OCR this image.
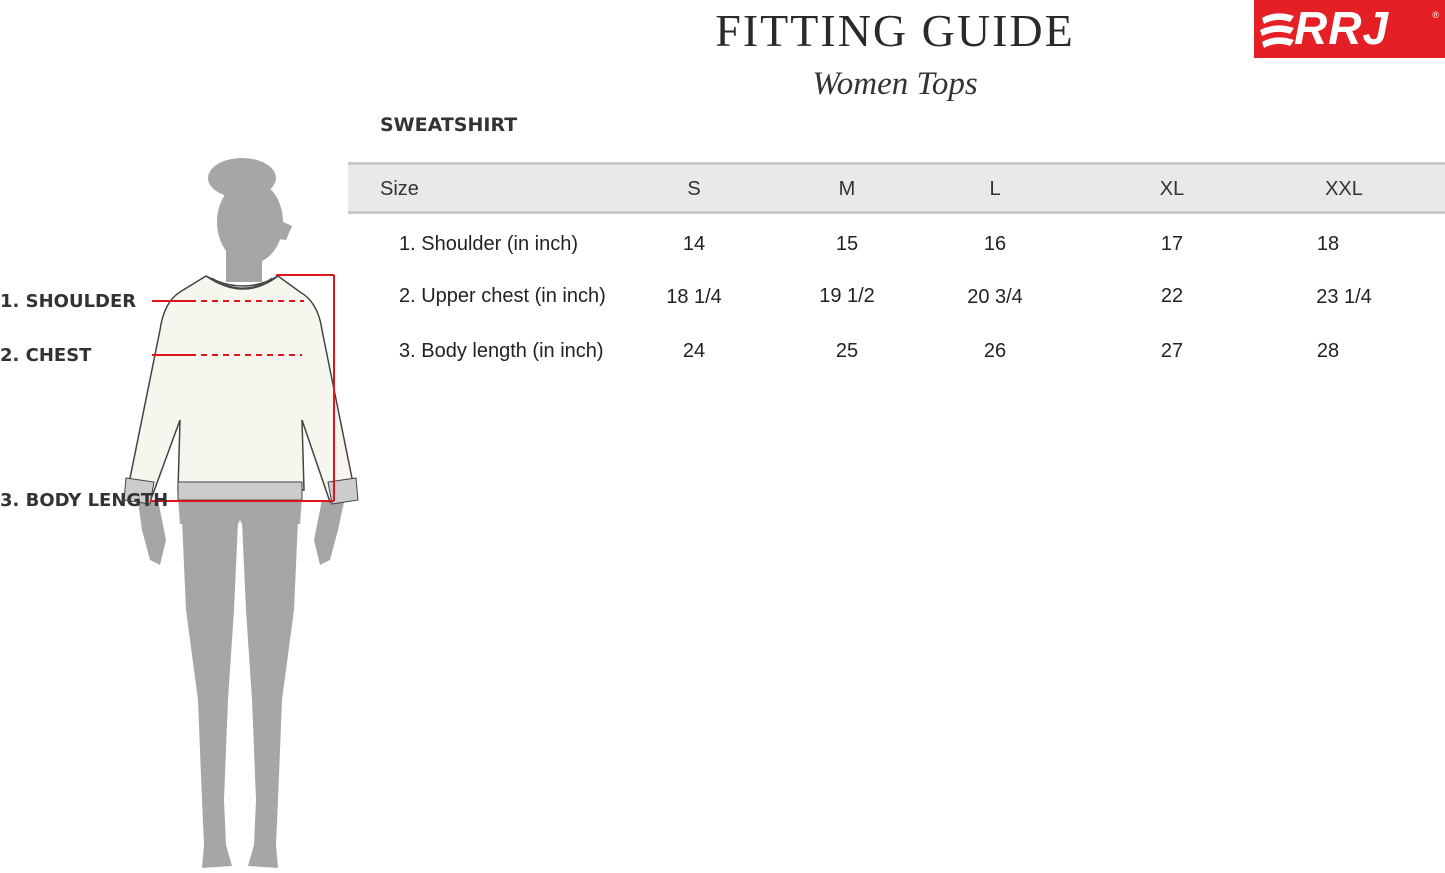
FITTING GUIDE
Women Tops
RRJ	®
SWEATSHIRT
Size	S	M	L	XL	XXL
1. Shoulder (in inch)	14	15	16	17	18
2. Upper chest (in inch)	18 1/4	19 1/2	20 3/4	22	23 1/4
3. Body length (in inch)	24	25	26	27	28
1. SHOULDER
2. CHEST
3. BODY LENGTH
